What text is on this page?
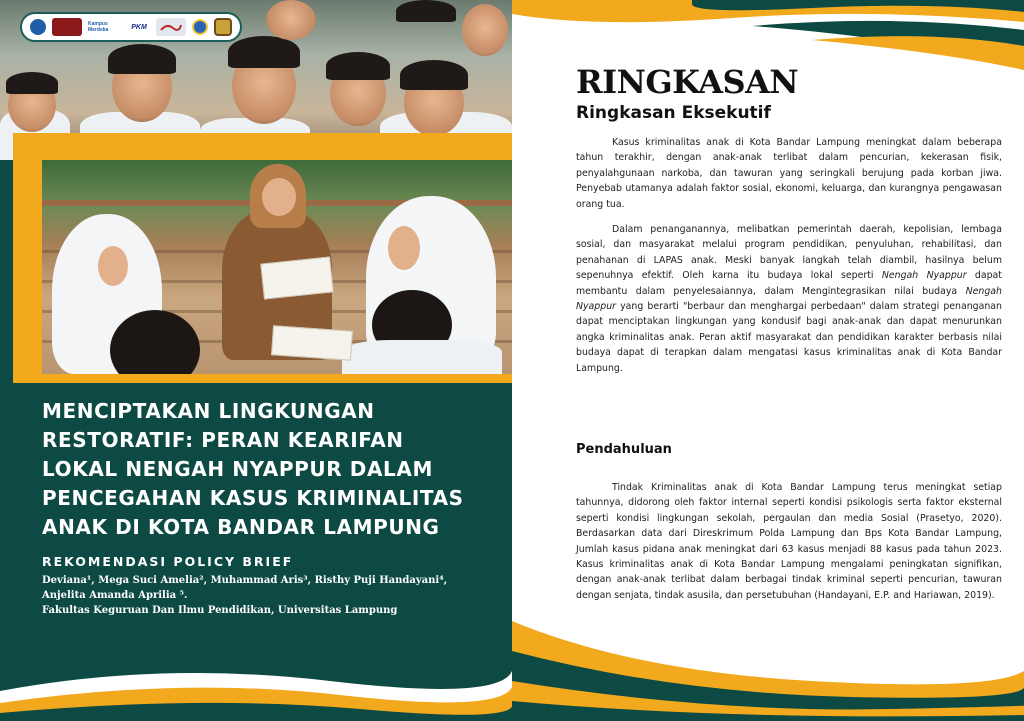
Kampus Merdeka	PKM
MENCIPTAKAN LINGKUNGAN
RESTORATIF: PERAN KEARIFAN
LOKAL NENGAH NYAPPUR DALAM
PENCEGAHAN KASUS KRIMINALITAS
ANAK DI KOTA BANDAR LAMPUNG
REKOMENDASI POLICY BRIEF
Deviana¹, Mega Suci Amelia², Muhammad Aris³, Risthy Puji Handayani⁴,
Anjelita Amanda Aprilia ⁵.
Fakultas Keguruan Dan Ilmu Pendidikan, Universitas Lampung
RINGKASAN
Ringkasan Eksekutif

Kasus kriminalitas anak di Kota Bandar Lampung meningkat dalam beberapa tahun terakhir, dengan anak-anak terlibat dalam pencurian, kekerasan fisik, penyalahgunaan narkoba, dan tawuran yang seringkali berujung pada korban jiwa. Penyebab utamanya adalah faktor sosial, ekonomi, keluarga, dan kurangnya pengawasan orang tua.

Dalam penanganannya, melibatkan pemerintah daerah, kepolisian, lembaga sosial, dan masyarakat melalui program pendidikan, penyuluhan, rehabilitasi, dan penahanan di LAPAS anak. Meski banyak langkah telah diambil, hasilnya belum sepenuhnya efektif. Oleh karna itu budaya lokal seperti Nengah Nyappur dapat membantu dalam penyelesaiannya, dalam Mengintegrasikan nilai budaya Nengah Nyappur yang berarti "berbaur dan menghargai perbedaan" dalam strategi penanganan dapat menciptakan lingkungan yang kondusif bagi anak-anak dan dapat menurunkan angka kriminalitas anak. Peran aktif masyarakat dan pendidikan karakter berbasis nilai budaya dapat di terapkan dalam mengatasi kasus kriminalitas anak di Kota Bandar Lampung.

Pendahuluan

Tindak Kriminalitas anak di Kota Bandar Lampung terus meningkat setiap tahunnya, didorong oleh faktor internal seperti kondisi psikologis serta faktor eksternal seperti kondisi lingkungan sekolah, pergaulan dan media Sosial (Prasetyo, 2020). Berdasarkan data dari Direskrimum Polda Lampung dan Bps Kota Bandar Lampung, Jumlah kasus pidana anak meningkat dari 63 kasus menjadi 88 kasus pada tahun 2023. Kasus kriminalitas anak di Kota Bandar Lampung mengalami peningkatan signifikan, dengan anak-anak terlibat dalam berbagai tindak kriminal seperti pencurian, tawuran dengan senjata, tindak asusila, dan persetubuhan (Handayani, E.P. and Hariawan, 2019).
